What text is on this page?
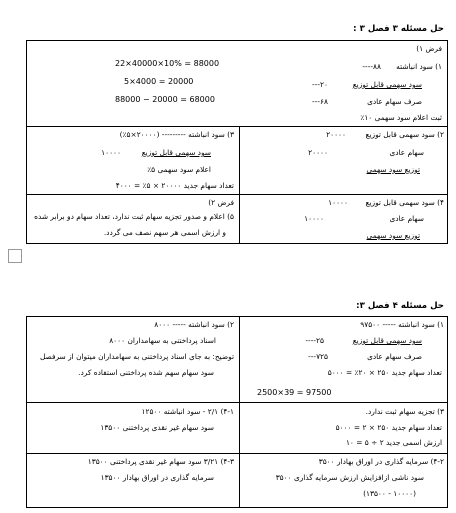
حل مسئله ۳ فصل ۳ :
فرض ۱)
22×40000×10% = 88000
5×4000 = 20000
88000 − 20000 = 68000
۱) سود انباشته
۸۸----
سود سهمی قابل توزیع
۲۰---
صرف سهام عادی
۶۸---
ثبت اعلام سود سهمی ۱۰٪
۳) سود انباشته --------- (۲۰۰۰۰×۵٪)
سود سهمی قابل توزیع
۱۰۰۰۰
اعلام سود سهمی ۵٪
تعداد سهام جدید ۲۰۰۰۰ × ۵٪ = ۴۰۰۰
۲) سود سهمی قابل توزیع
۲۰۰۰۰
سهام عادی
۲۰۰۰۰
توزیع سود سهمی
فرض ۲)
۵) اعلام و صدور تجزیه سهام ثبت ندارد، تعداد سهام دو برابر شده
و ارزش اسمی هر سهم نصف می گردد.
۴) سود سهمی قابل توزیع
۱۰۰۰۰
سهام عادی
۱۰۰۰۰
توزیع سود سهمی
حل مسئله ۴ فصل ۳:
۲) سود انباشته ----- ۸۰۰۰
اسناد پرداختنی به سهامداران ۸۰۰۰
توضیح: به جای اسناد پرداختنی به سهامداران میتوان از سرفصل
سود سهام سهم شده پرداختنی استفاده کرد.
۱) سود انباشته ----- ۹۷۵۰۰
سود سهمی قابل توزیع
۲۵----
صرف سهام عادی
۷۲۵---
تعداد سهام جدید ۲۵۰ × ۲۰٪ = ۵۰۰۰
2500×39 = 97500
۴-۱) ۲/۱ - سود انباشته ۱۲۵۰۰
سود سهام غیر نقدی پرداختنی ۱۳۵۰۰
۳) تجزیه سهام ثبت ندارد.
تعداد سهام جدید ۲۵۰ × ۲ = ۵۰۰۰
ارزش اسمی جدید ۲ ÷ ۵ = ۱۰
۴-۳) ۳/۲۱ سود سهام غیر نقدی پرداختنی ۱۳۵۰۰
سرمایه گذاری در اوراق بهادار ۱۳۵۰۰
۴-۲) سرمایه گذاری در اوراق بهادار ۳۵۰۰
سود ناشی ازافزایش ارزش سرمایه گذاری ۳۵۰۰
(۱۰۰۰۰ - ۱۳۵۰۰)
